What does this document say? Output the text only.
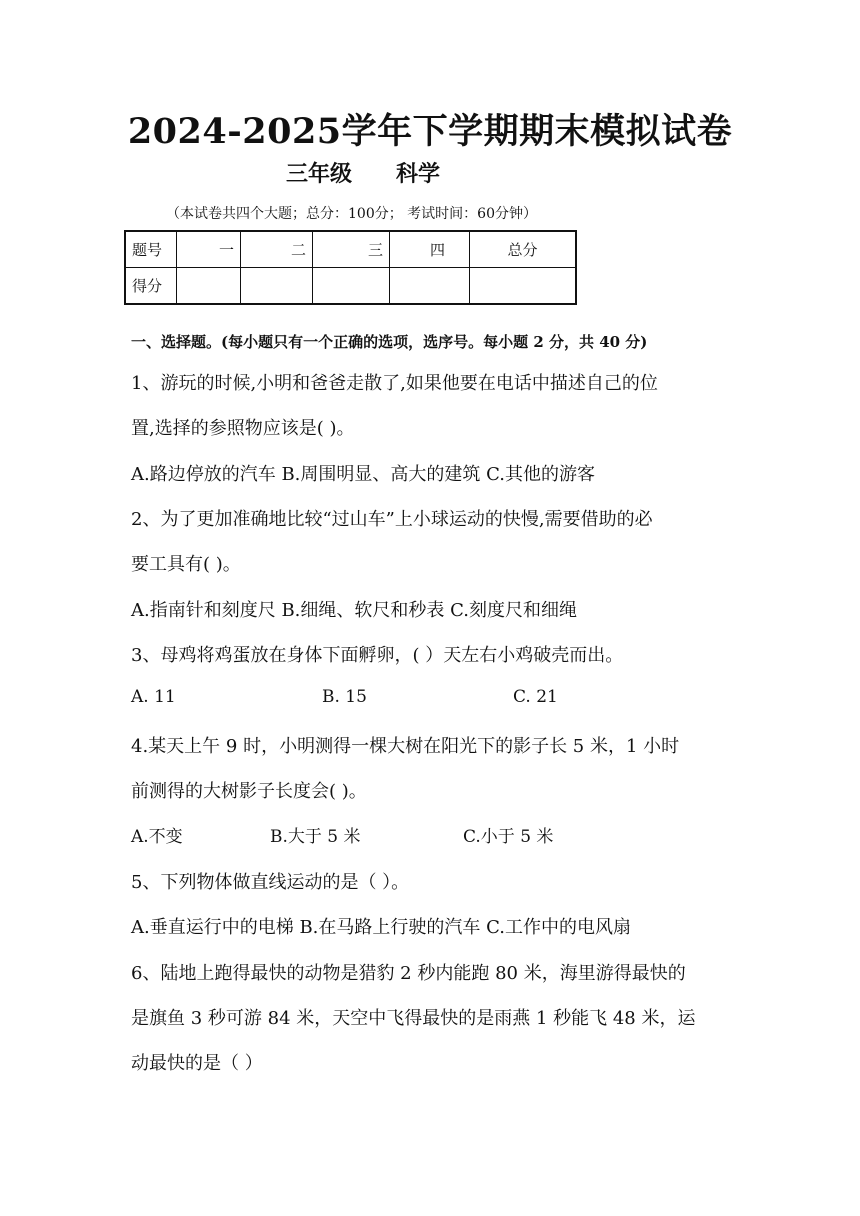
2024-2025学年下学期期末模拟试卷
三年级 科学
（本试卷共四个大题；总分：100分； 考试时间：60分钟）
题号	一	二	三	四	总分
得分					
一、选择题。(每小题只有一个正确的选项，选序号。每小题 2 分，共 40 分)
1、游玩的时候,小明和爸爸走散了,如果他要在电话中描述自己的位
置,选择的参照物应该是( )。
A.路边停放的汽车 B.周围明显、高大的建筑 C.其他的游客
2、为了更加准确地比较“过山车”上小球运动的快慢,需要借助的必
要工具有( )。
A.指南针和刻度尺 B.细绳、软尺和秒表 C.刻度尺和细绳
3、母鸡将鸡蛋放在身体下面孵卵，( ）天左右小鸡破壳而出。
A. 11	B. 15	C. 21
4.某天上午 9 时，小明测得一棵大树在阳光下的影子长 5 米，1 小时
前测得的大树影子长度会( )。
A.不变	B.大于 5 米	C.小于 5 米
5、下列物体做直线运动的是（ ）。
A.垂直运行中的电梯 B.在马路上行驶的汽车 C.工作中的电风扇
6、陆地上跑得最快的动物是猎豹 2 秒内能跑 80 米，海里游得最快的
是旗鱼 3 秒可游 84 米，天空中飞得最快的是雨燕 1 秒能飞 48 米，运
动最快的是（ ）
